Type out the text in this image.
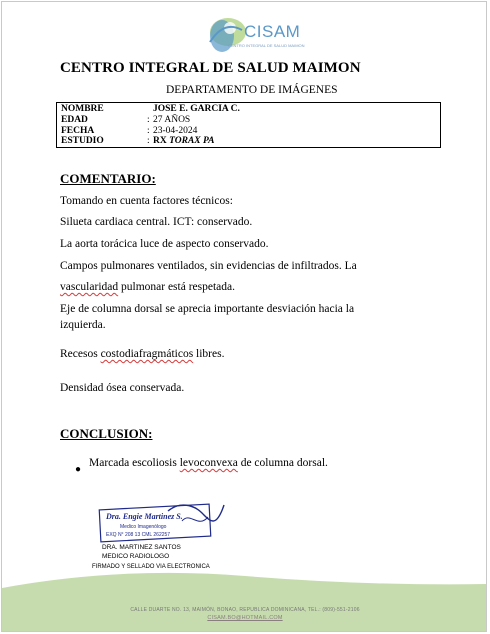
CISAM
CENTRO INTEGRAL DE SALUD MAIMON
CENTRO INTEGRAL DE SALUD MAIMON
DEPARTAMENTO DE IMÁGENES
NOMBRE	JOSE E. GARCIA C.
EDAD	: 27 AÑOS
FECHA	: 23-04-2024
ESTUDIO	: RX TORAX PA
COMENTARIO:
Tomando en cuenta factores técnicos:
Silueta cardiaca central. ICT: conservado.
La aorta torácica luce de aspecto conservado.
Campos pulmonares ventilados, sin evidencias de infiltrados. La
vascularidad pulmonar está respetada.
Eje de columna dorsal se aprecia importante desviación hacia la
izquierda.
Recesos costodiafragmáticos libres.
Densidad ósea conservada.
CONCLUSION:
●
Marcada escoliosis levoconvexa de columna dorsal.
Dra. Engie Martinez S.
Medico Imagenólogo
EXQ N° 208 13 CML 262257
DRA. MARTINEZ SANTOS
MEDICO RADIOLOGO
FIRMADO Y SELLADO VIA ELECTRONICA
CALLE DUARTE NO. 13, MAIMÓN, BONAO, REPUBLICA DOMINICANA, TEL.: (809)-551-2106
CISAM.BO@HOTMAIL.COM
